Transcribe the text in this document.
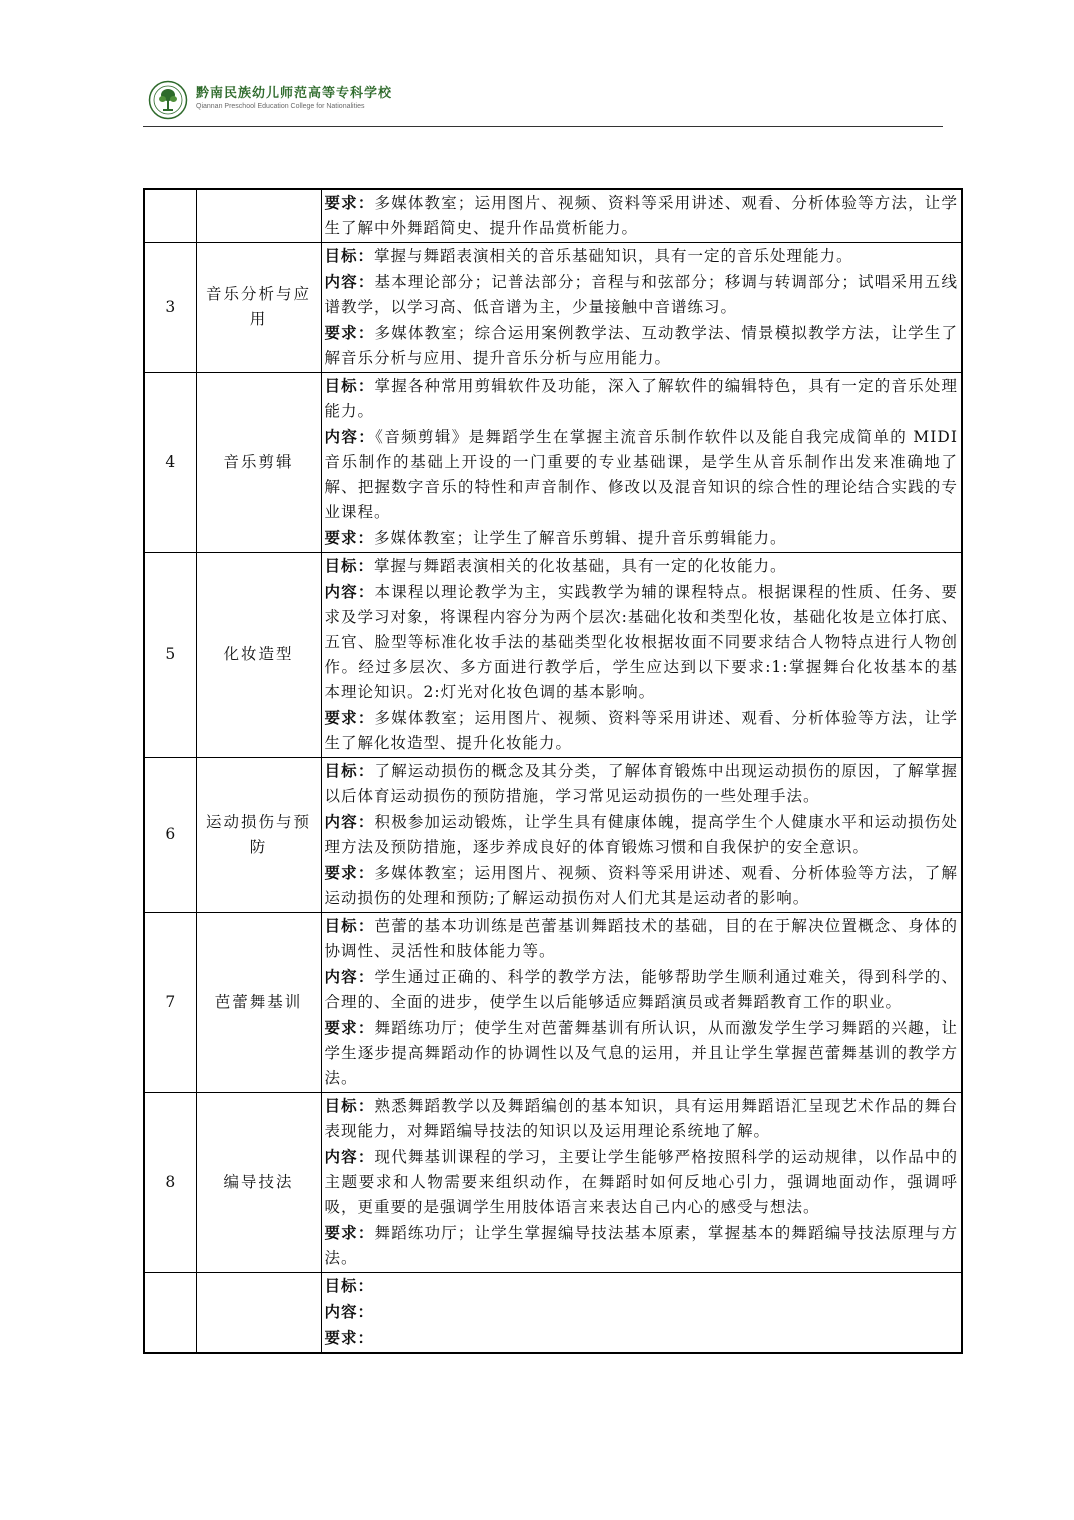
黔南民族幼儿师范高等专科学校
Qiannan Preschool Education College for Nationalities

		要求：多媒体教室；运用图片、视频、资料等采用讲述、观看、分析体验等方法，让学生了解中外舞蹈简史、提升作品赏析能力。

3	音乐分析与应用	目标：掌握与舞蹈表演相关的音乐基础知识，具有一定的音乐处理能力。

内容：基本理论部分；记普法部分；音程与和弦部分；移调与转调部分；试唱采用五线谱教学，以学习高、低音谱为主，少量接触中音谱练习。

要求：多媒体教室；综合运用案例教学法、互动教学法、情景模拟教学方法，让学生了解音乐分析与应用、提升音乐分析与应用能力。

4	音乐剪辑	目标：掌握各种常用剪辑软件及功能，深入了解软件的编辑特色，具有一定的音乐处理能力。

内容：《音频剪辑》是舞蹈学生在掌握主流音乐制作软件以及能自我完成简单的 MIDI 音乐制作的基础上开设的一门重要的专业基础课，是学生从音乐制作出发来准确地了解、把握数字音乐的特性和声音制作、修改以及混音知识的综合性的理论结合实践的专业课程。

要求：多媒体教室；让学生了解音乐剪辑、提升音乐剪辑能力。

5	化妆造型	目标：掌握与舞蹈表演相关的化妆基础，具有一定的化妆能力。

内容：本课程以理论教学为主，实践教学为辅的课程特点。根据课程的性质、任务、要求及学习对象，将课程内容分为两个层次:基础化妆和类型化妆，基础化妆是立体打底、五官、脸型等标准化妆手法的基础类型化妆根据妆面不同要求结合人物特点进行人物创作。经过多层次、多方面进行教学后，学生应达到以下要求:1:掌握舞台化妆基本的基本理论知识。2:灯光对化妆色调的基本影响。

要求：多媒体教室；运用图片、视频、资料等采用讲述、观看、分析体验等方法，让学生了解化妆造型、提升化妆能力。

6	运动损伤与预防	目标：了解运动损伤的概念及其分类，了解体育锻炼中出现运动损伤的原因，了解掌握以后体育运动损伤的预防措施，学习常见运动损伤的一些处理手法。

内容：积极参加运动锻炼，让学生具有健康体魄，提高学生个人健康水平和运动损伤处理方法及预防措施，逐步养成良好的体育锻炼习惯和自我保护的安全意识。

要求：多媒体教室；运用图片、视频、资料等采用讲述、观看、分析体验等方法，了解运动损伤的处理和预防;了解运动损伤对人们尤其是运动者的影响。

7	芭蕾舞基训	目标：芭蕾的基本功训练是芭蕾基训舞蹈技术的基础，目的在于解决位置概念、身体的协调性、灵活性和肢体能力等。

内容：学生通过正确的、科学的教学方法，能够帮助学生顺利通过难关，得到科学的、合理的、全面的进步，使学生以后能够适应舞蹈演员或者舞蹈教育工作的职业。

要求：舞蹈练功厅；使学生对芭蕾舞基训有所认识，从而激发学生学习舞蹈的兴趣，让学生逐步提高舞蹈动作的协调性以及气息的运用，并且让学生掌握芭蕾舞基训的教学方法。

8	编导技法	目标：熟悉舞蹈教学以及舞蹈编创的基本知识，具有运用舞蹈语汇呈现艺术作品的舞台表现能力，对舞蹈编导技法的知识以及运用理论系统地了解。

内容：现代舞基训课程的学习，主要让学生能够严格按照科学的运动规律，以作品中的主题要求和人物需要来组织动作，在舞蹈时如何反地心引力，强调地面动作，强调呼吸，更重要的是强调学生用肢体语言来表达自己内心的感受与想法。

要求：舞蹈练功厅；让学生掌握编导技法基本原素，掌握基本的舞蹈编导技法原理与方法。

		目标：

内容：

要求：
